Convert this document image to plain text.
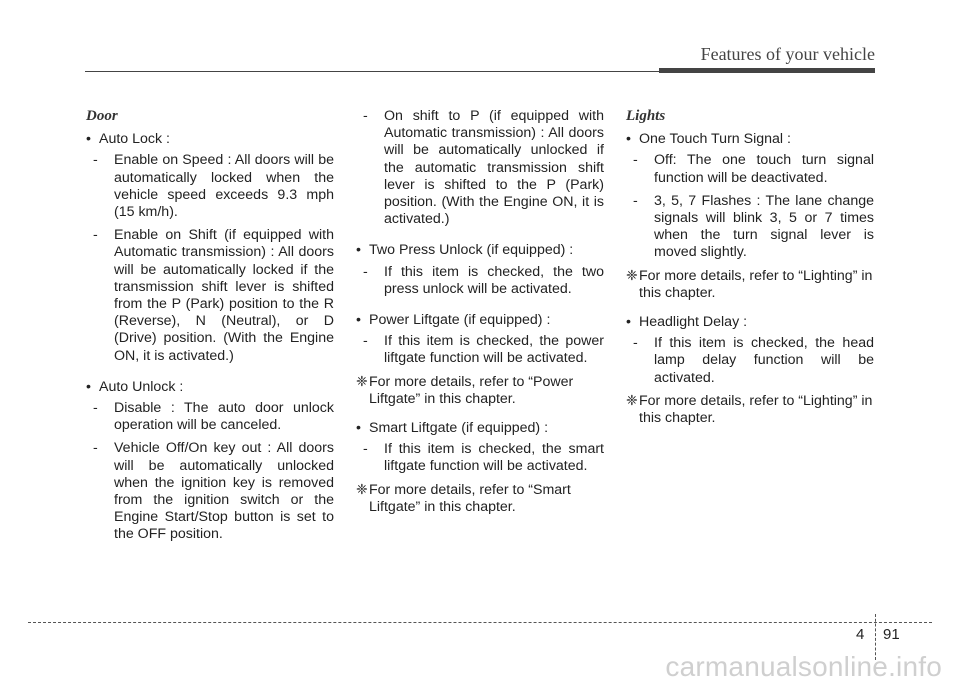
Features of your vehicle
Door
• Auto Lock :
- Enable on Speed : All doors will be automatically locked when the vehicle speed exceeds 9.3 mph (15 km/h).
- Enable on Shift (if equipped with Automatic transmission) : All doors will be automatically locked if the transmission shift lever is shifted from the P (Park) position to the R (Reverse), N (Neutral), or D (Drive) position. (With the Engine ON, it is activated.)
• Auto Unlock :
- Disable : The auto door unlock operation will be canceled.
- Vehicle Off/On key out : All doors will be automatically unlocked when the ignition key is removed from the ignition switch or the Engine Start/Stop button is set to the OFF position.
- On shift to P (if equipped with Automatic transmission) : All doors will be automatically unlocked if the automatic transmission shift lever is shifted to the P (Park) position. (With the Engine ON, it is activated.)
• Two Press Unlock (if equipped) :
- If this item is checked, the two press unlock will be activated.
• Power Liftgate (if equipped) :
- If this item is checked, the power liftgate function will be activated.
❈ For more details, refer to “Power Liftgate” in this chapter.
• Smart Liftgate (if equipped) :
- If this item is checked, the smart liftgate function will be activated.
❈ For more details, refer to “Smart Liftgate” in this chapter.
Lights
• One Touch Turn Signal :
- Off: The one touch turn signal function will be deactivated.
- 3, 5, 7 Flashes : The lane change signals will blink 3, 5 or 7 times when the turn signal lever is moved slightly.
❈ For more details, refer to “Lighting” in this chapter.
• Headlight Delay :
- If this item is checked, the head lamp delay function will be activated.
❈ For more details, refer to “Lighting” in this chapter.
4 91
carmanualsonline.info
